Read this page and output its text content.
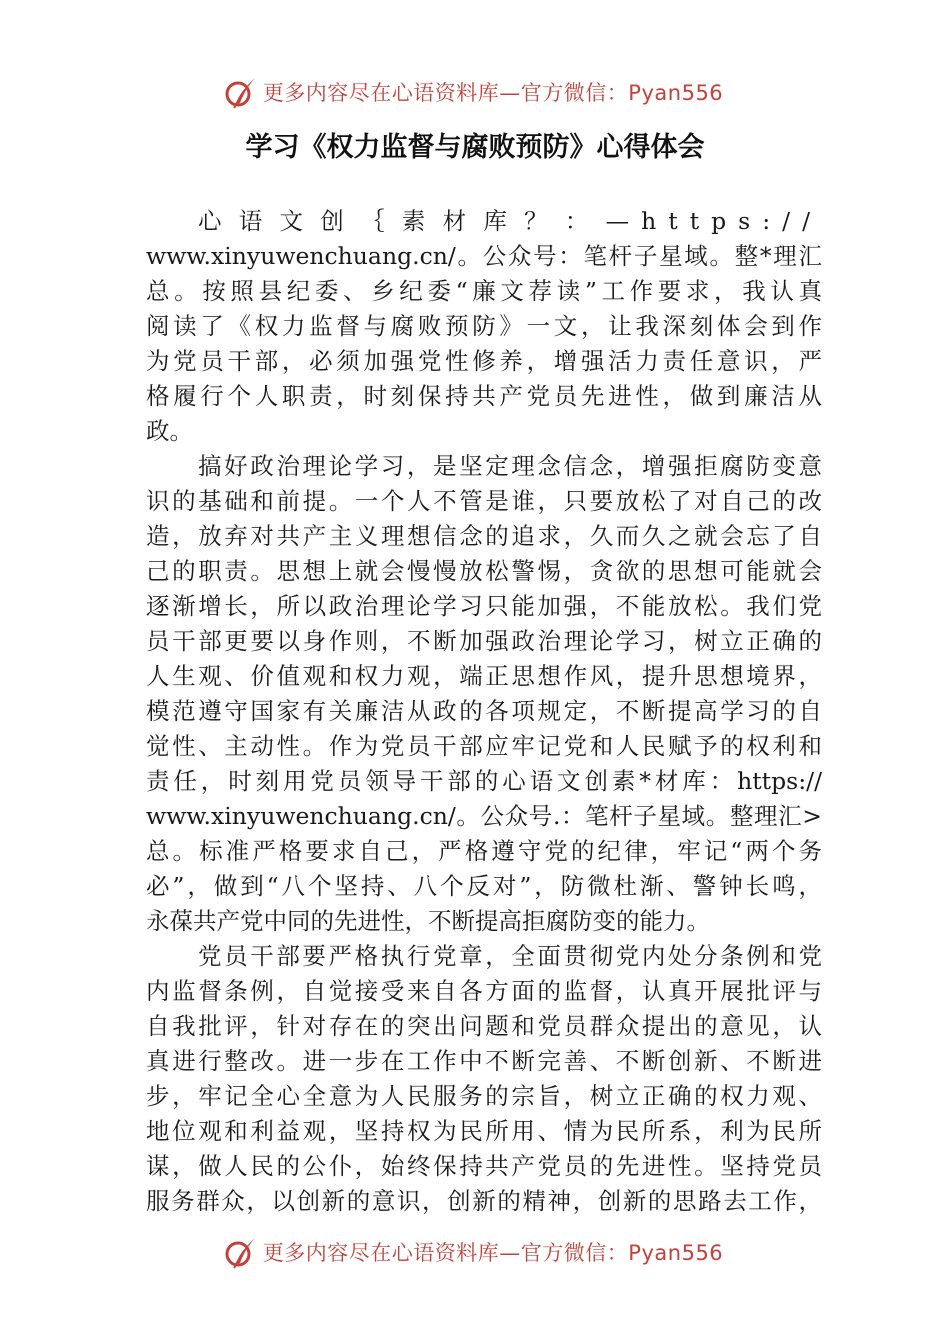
更多内容尽在心语资料库—官方微信：Pyan556
学习《权力监督与腐败预防》心得体会
心语文创｛素材库？：—https://
www.xinyuwenchuang.cn/。公众号：笔杆子星域。整*理汇
总。按照县纪委、乡纪委“廉文荐读”工作要求，我认真
阅读了《权力监督与腐败预防》一文，让我深刻体会到作
为党员干部，必须加强党性修养，增强活力责任意识，严
格履行个人职责，时刻保持共产党员先进性，做到廉洁从
政。
搞好政治理论学习，是坚定理念信念，增强拒腐防变意
识的基础和前提。一个人不管是谁，只要放松了对自己的改
造，放弃对共产主义理想信念的追求，久而久之就会忘了自
己的职责。思想上就会慢慢放松警惕，贪欲的思想可能就会
逐渐增长，所以政治理论学习只能加强，不能放松。我们党
员干部更要以身作则，不断加强政治理论学习，树立正确的
人生观、价值观和权力观，端正思想作风，提升思想境界，
模范遵守国家有关廉洁从政的各项规定，不断提高学习的自
觉性、主动性。作为党员干部应牢记党和人民赋予的权利和
责任，时刻用党员领导干部的心语文创素*材库：https://
www.xinyuwenchuang.cn/。公众号.：笔杆子星域。整理汇>
总。标准严格要求自己，严格遵守党的纪律，牢记“两个务
必”，做到“八个坚持、八个反对”，防微杜渐、警钟长鸣，
永葆共产党中同的先进性，不断提高拒腐防变的能力。
党员干部要严格执行党章，全面贯彻党内处分条例和党
内监督条例，自觉接受来自各方面的监督，认真开展批评与
自我批评，针对存在的突出问题和党员群众提出的意见，认
真进行整改。进一步在工作中不断完善、不断创新、不断进
步，牢记全心全意为人民服务的宗旨，树立正确的权力观、
地位观和利益观，坚持权为民所用、情为民所系，利为民所
谋，做人民的公仆，始终保持共产党员的先进性。坚持党员
服务群众，以创新的意识，创新的精神，创新的思路去工作，
更多内容尽在心语资料库—官方微信：Pyan556
